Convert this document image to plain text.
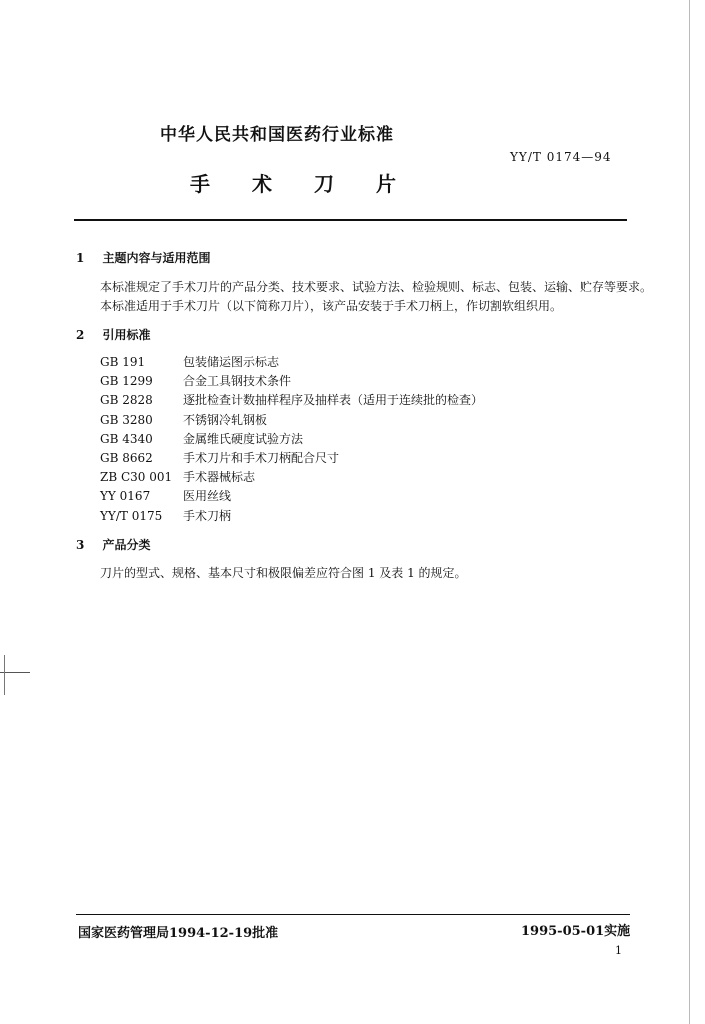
中华人民共和国医药行业标准
YY/T 0174—94
手 术 刀 片
1 主题内容与适用范围
本标准规定了手术刀片的产品分类、技术要求、试验方法、检验规则、标志、包装、运输、贮存等要求。
本标准适用于手术刀片（以下简称刀片），该产品安装于手术刀柄上，作切割软组织用。
2 引用标准
GB 191	包装储运图示标志
GB 1299	合金工具钢技术条件
GB 2828	逐批检查计数抽样程序及抽样表（适用于连续批的检查）
GB 3280	不锈钢冷轧钢板
GB 4340	金属维氏硬度试验方法
GB 8662	手术刀片和手术刀柄配合尺寸
ZB C30 001 手术器械标志
YY 0167	医用丝线
YY/T 0175	手术刀柄
3 产品分类
刀片的型式、规格、基本尺寸和极限偏差应符合图 1 及表 1 的规定。
国家医药管理局1994-12-19批准	1995-05-01实施
1
